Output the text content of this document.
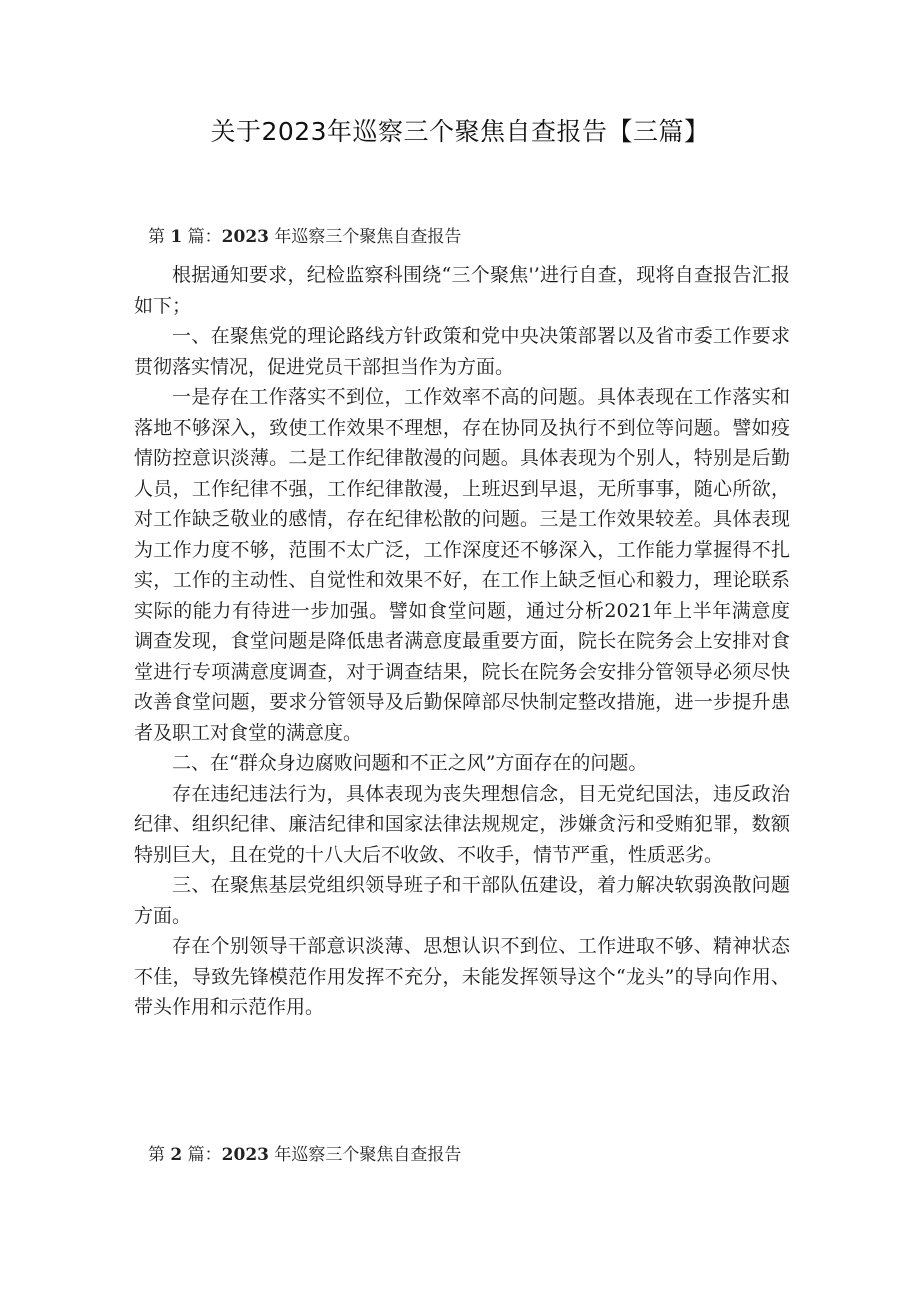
关于2023年巡察三个聚焦自查报告【三篇】
第 1 篇：2023 年巡察三个聚焦自查报告

根据通知要求，纪检监察科围绕“三个聚焦'’进行自查，现将自查报告汇报如下；

一、在聚焦党的理论路线方针政策和党中央决策部署以及省市委工作要求贯彻落实情况，促进党员干部担当作为方面。

一是存在工作落实不到位，工作效率不高的问题。具体表现在工作落实和落地不够深入，致使工作效果不理想，存在协同及执行不到位等问题。譬如疫情防控意识淡薄。二是工作纪律散漫的问题。具体表现为个别人，特别是后勤人员，工作纪律不强，工作纪律散漫，上班迟到早退，无所事事，随心所欲，对工作缺乏敬业的感情，存在纪律松散的问题。三是工作效果较差。具体表现为工作力度不够，范围不太广泛，工作深度还不够深入，工作能力掌握得不扎实，工作的主动性、自觉性和效果不好，在工作上缺乏恒心和毅力，理论联系实际的能力有待进一步加强。譬如食堂问题，通过分析2021年上半年满意度调查发现，食堂问题是降低患者满意度最重要方面，院长在院务会上安排对食堂进行专项满意度调查，对于调查结果，院长在院务会安排分管领导必须尽快改善食堂问题，要求分管领导及后勤保障部尽快制定整改措施，进一步提升患者及职工对食堂的满意度。

二、在“群众身边腐败问题和不正之风”方面存在的问题。

存在违纪违法行为，具体表现为丧失理想信念，目无党纪国法，违反政治纪律、组织纪律、廉洁纪律和国家法律法规规定，涉嫌贪污和受贿犯罪，数额特别巨大，且在党的十八大后不收敛、不收手，情节严重，性质恶劣。

三、在聚焦基层党组织领导班子和干部队伍建设，着力解决软弱涣散问题方面。

存在个别领导干部意识淡薄、思想认识不到位、工作进取不够、精神状态不佳，导致先锋模范作用发挥不充分，未能发挥领导这个“龙头”的导向作用、带头作用和示范作用。

第 2 篇：2023 年巡察三个聚焦自查报告
